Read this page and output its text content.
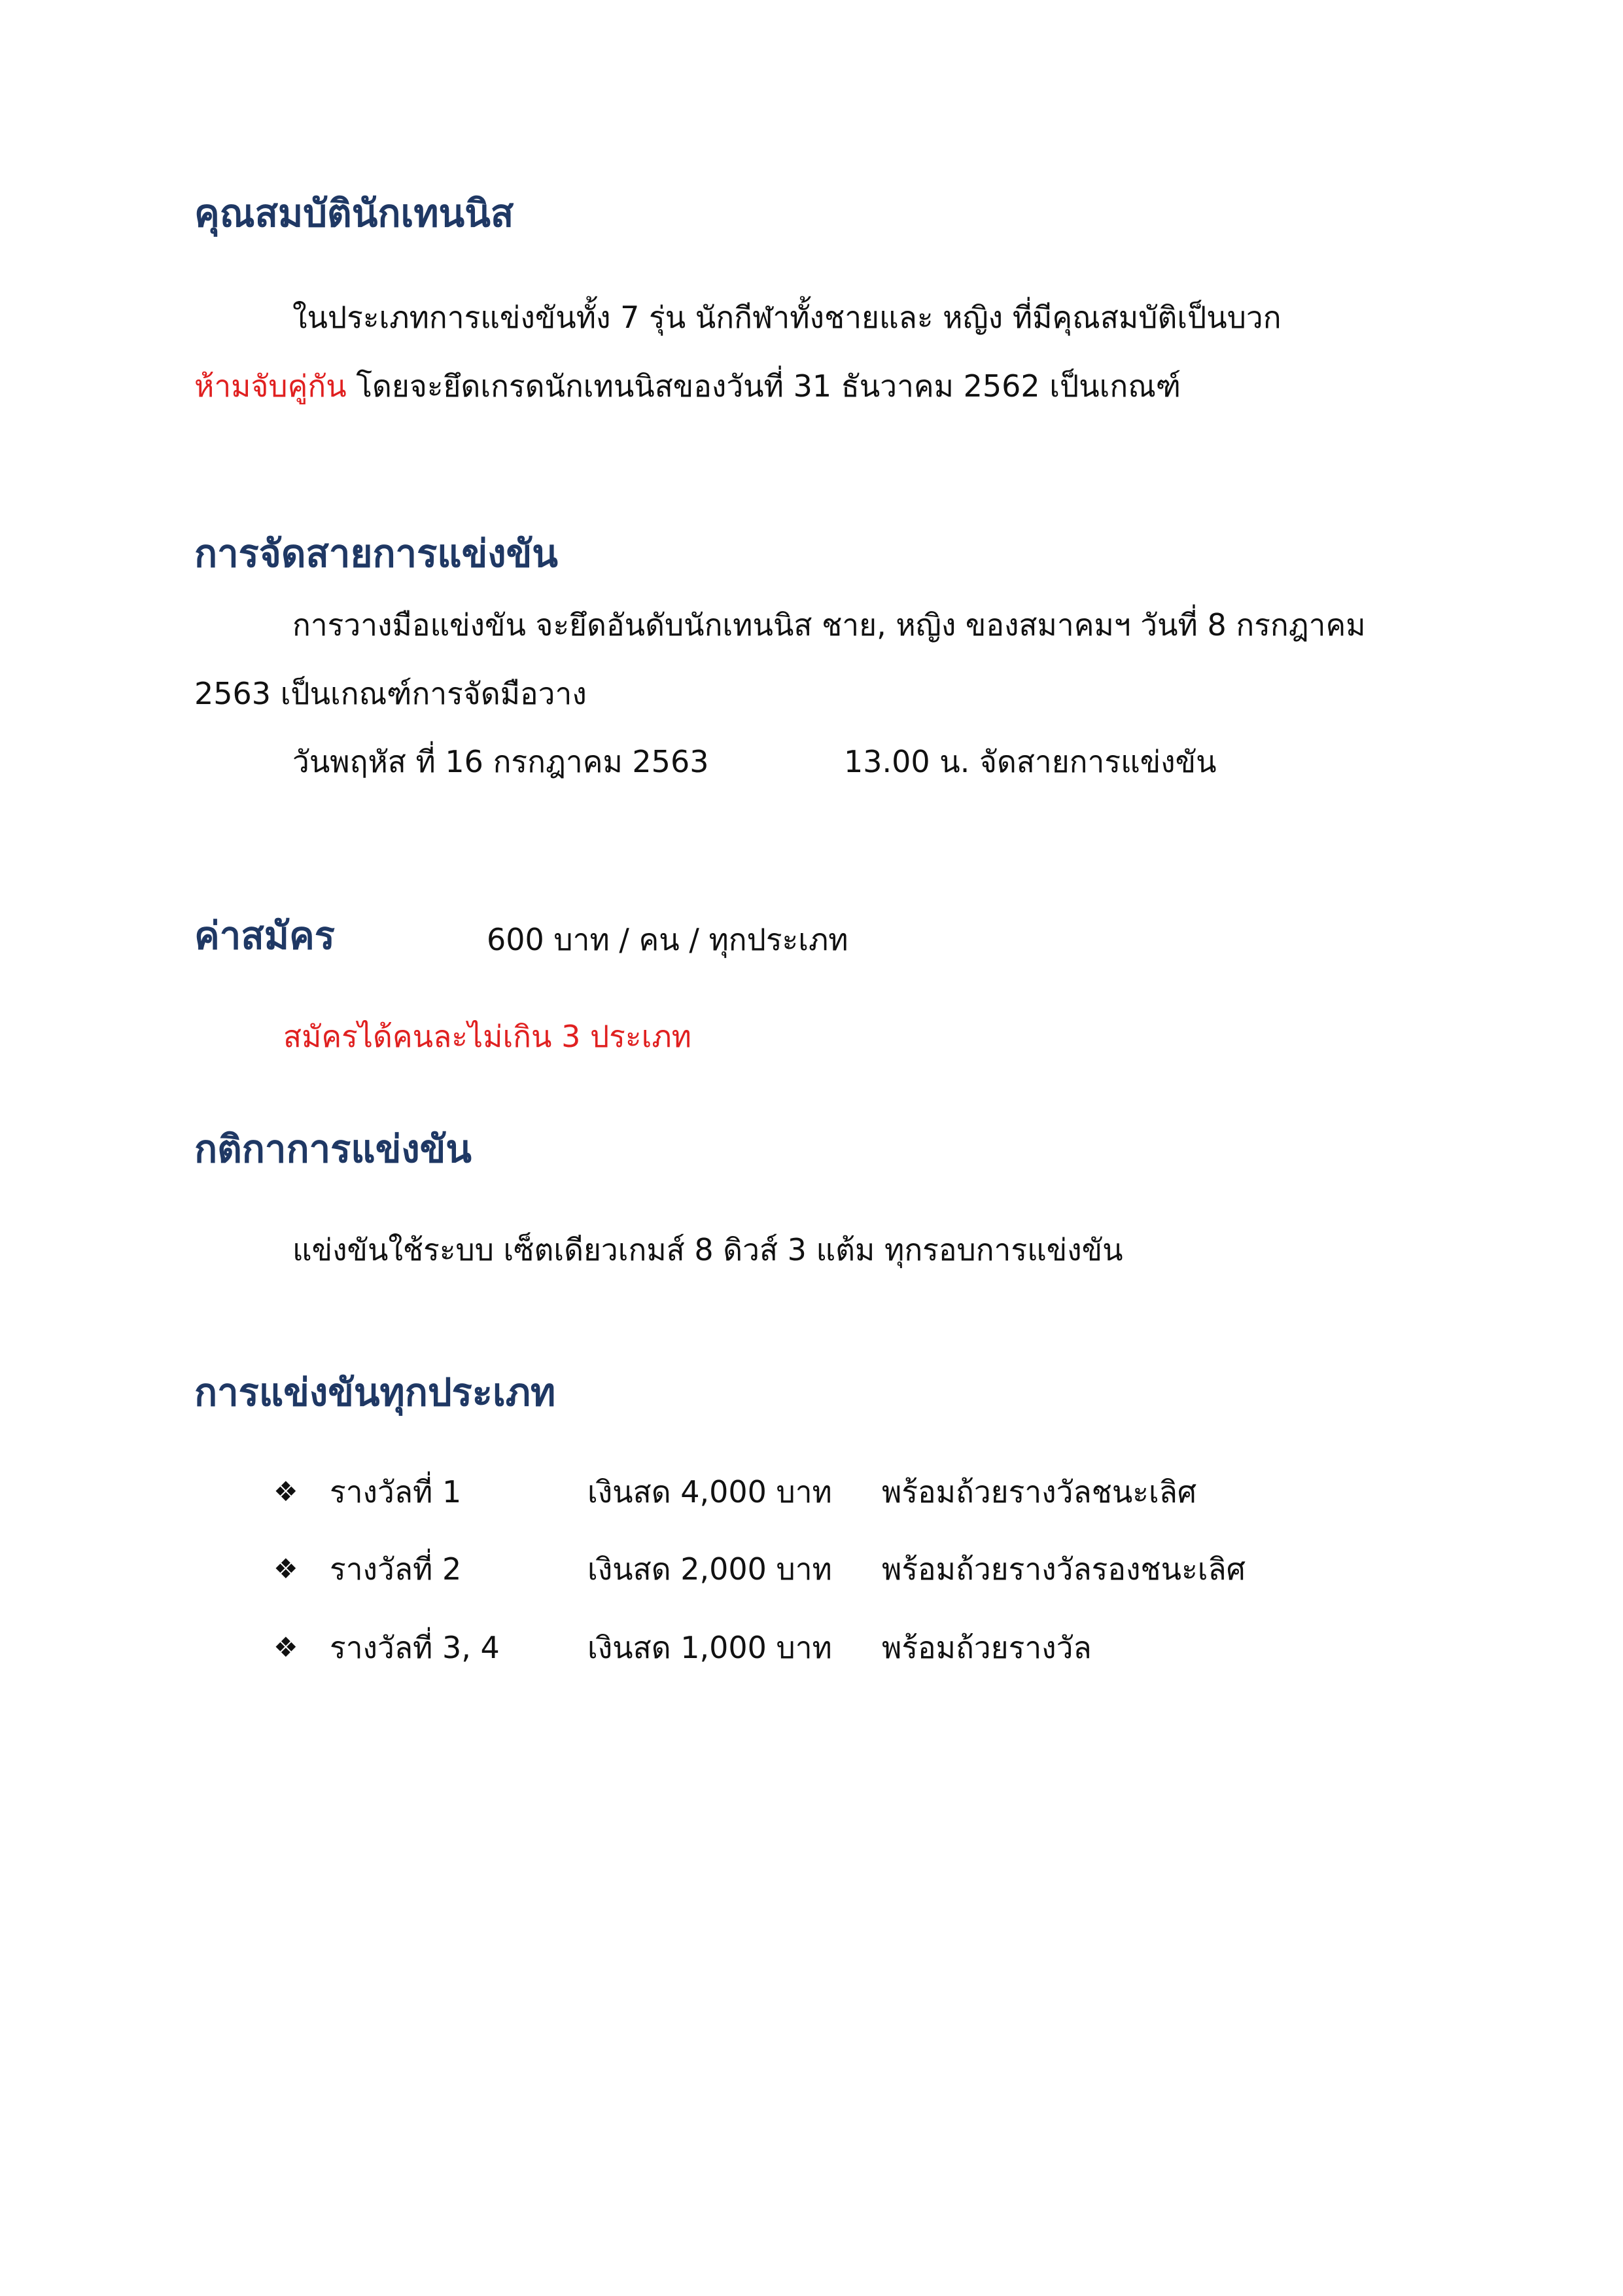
คุณสมบัตินักเทนนิส

ในประเภทการแข่งขันทั้ง 7 รุ่น นักกีฬาทั้งชายและ หญิง ที่มีคุณสมบัติเป็นบวก

ห้ามจับคู่กัน โดยจะยึดเกรดนักเทนนิสของวันที่ 31 ธันวาคม 2562 เป็นเกณฑ์

การจัดสายการแข่งขัน

การวางมือแข่งขัน จะยึดอันดับนักเทนนิส ชาย, หญิง ของสมาคมฯ วันที่ 8 กรกฎาคม

2563 เป็นเกณฑ์การจัดมือวาง

วันพฤหัส ที่ 16 กรกฎาคม 2563	13.00 น. จัดสายการแข่งขัน
ค่าสมัคร	600 บาท / คน / ทุกประเภท

สมัครได้คนละไม่เกิน 3 ประเภท

กติกาการแข่งขัน

แข่งขันใช้ระบบ เซ็ตเดียวเกมส์ 8 ดิวส์ 3 แต้ม ทุกรอบการแข่งขัน

การแข่งขันทุกประเภท
❖ รางวัลที่ 1	เงินสด 4,000 บาท พร้อมถ้วยรางวัลชนะเลิศ
❖ รางวัลที่ 2	เงินสด 2,000 บาท พร้อมถ้วยรางวัลรองชนะเลิศ
❖ รางวัลที่ 3, 4	เงินสด 1,000 บาท พร้อมถ้วยรางวัล
